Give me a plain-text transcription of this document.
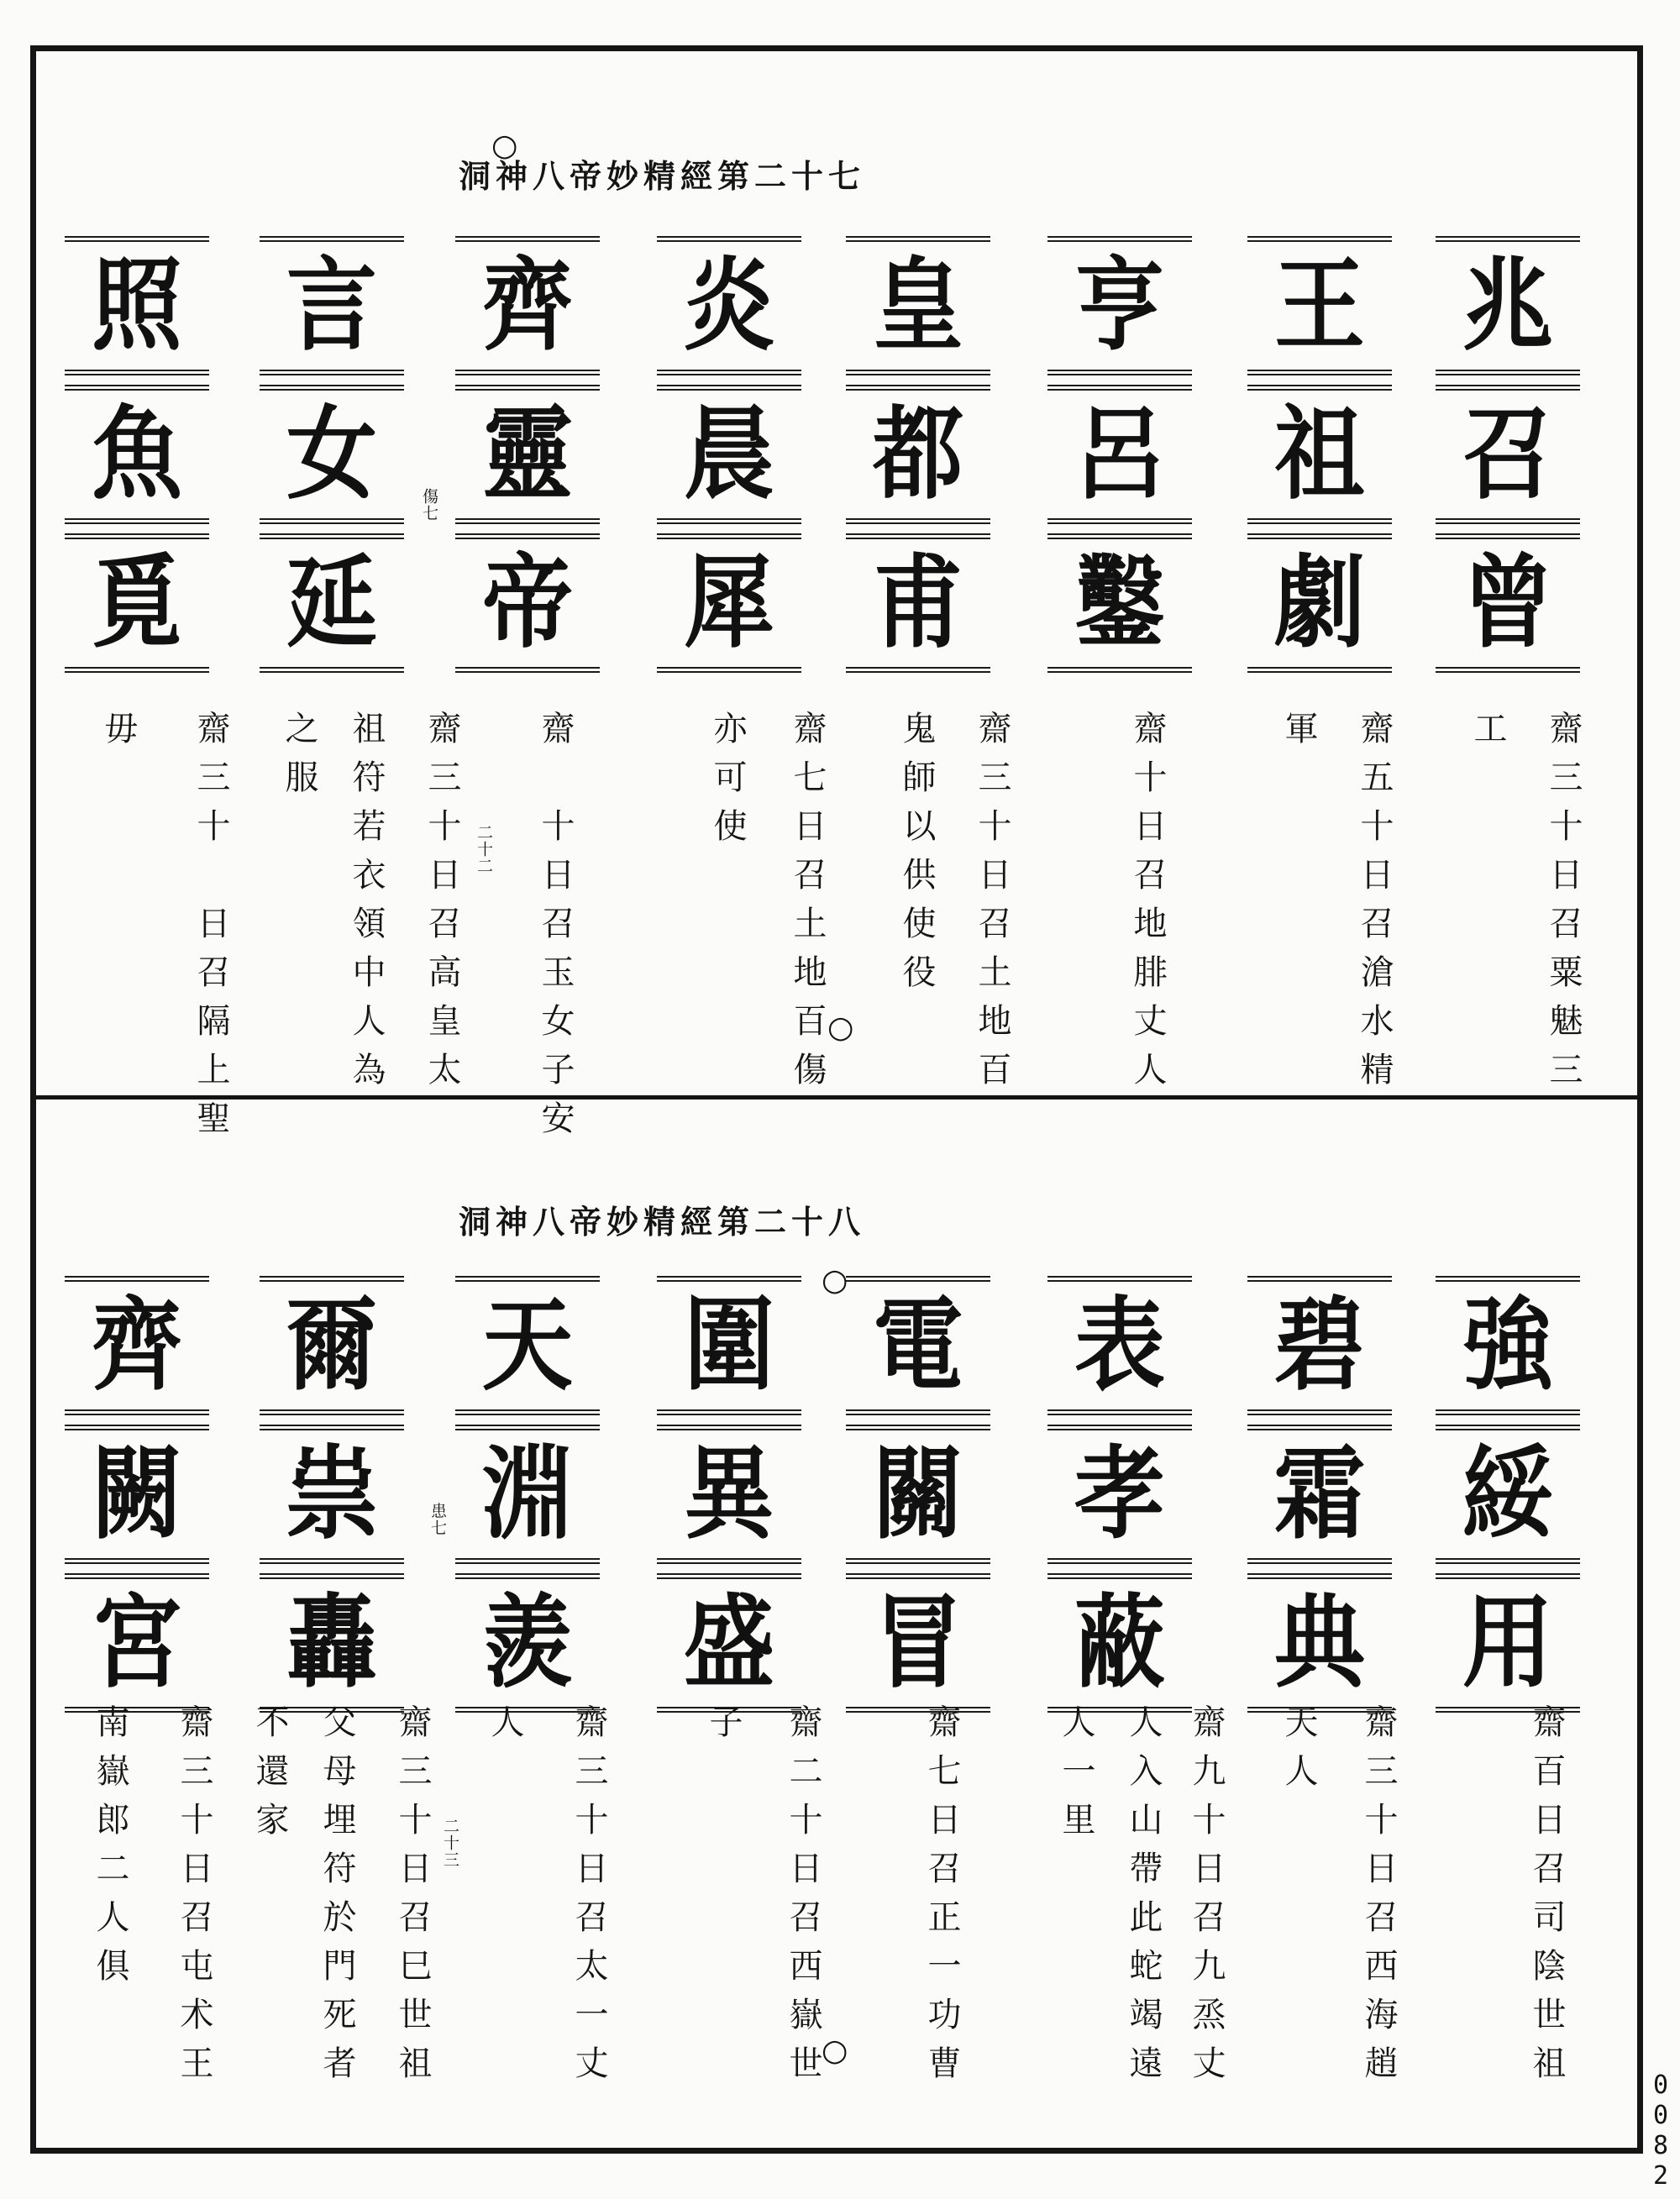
洞神八帝妙精經第二十七
○
兆
召
曾
王
祖
劇
亨
呂
鑿
皇
都
甫
炎
晨
犀
齊
靈
帝
言
女
延
照
魚
覓
傷七
齋三十日召粟魅三
工
齋五十日召滄水精
軍
齋十日召地腓丈人
齋三十日召土地百
鬼師以供使役
齋七日召土地百傷
亦可使
齋　十日召玉女子安
齋三十日召高皇太
祖符若衣領中人為
之服
齋三十　日召隔上聖
毋
二十二
○
洞神八帝妙精經第二十八
○
強
綏
用
碧
霜
典
表
孝
蔽
電
關
冒
圍
異
盛
天
淵
羨
爾
祟
轟
齊
闕
宮
患七
齋百日召司陰世祖
齋三十日召西海趙
天人
齋九十日召九烝丈
人入山帶此蛇竭遠
人一里
齋七日召正一功曹
齋二十日召西嶽世
子
齋三十日召太一丈
人
齋三十日召巳世祖
父母埋符於門死者
不還家
齋三十日召屯术王
南嶽郎二人俱	二十三
○
0082
